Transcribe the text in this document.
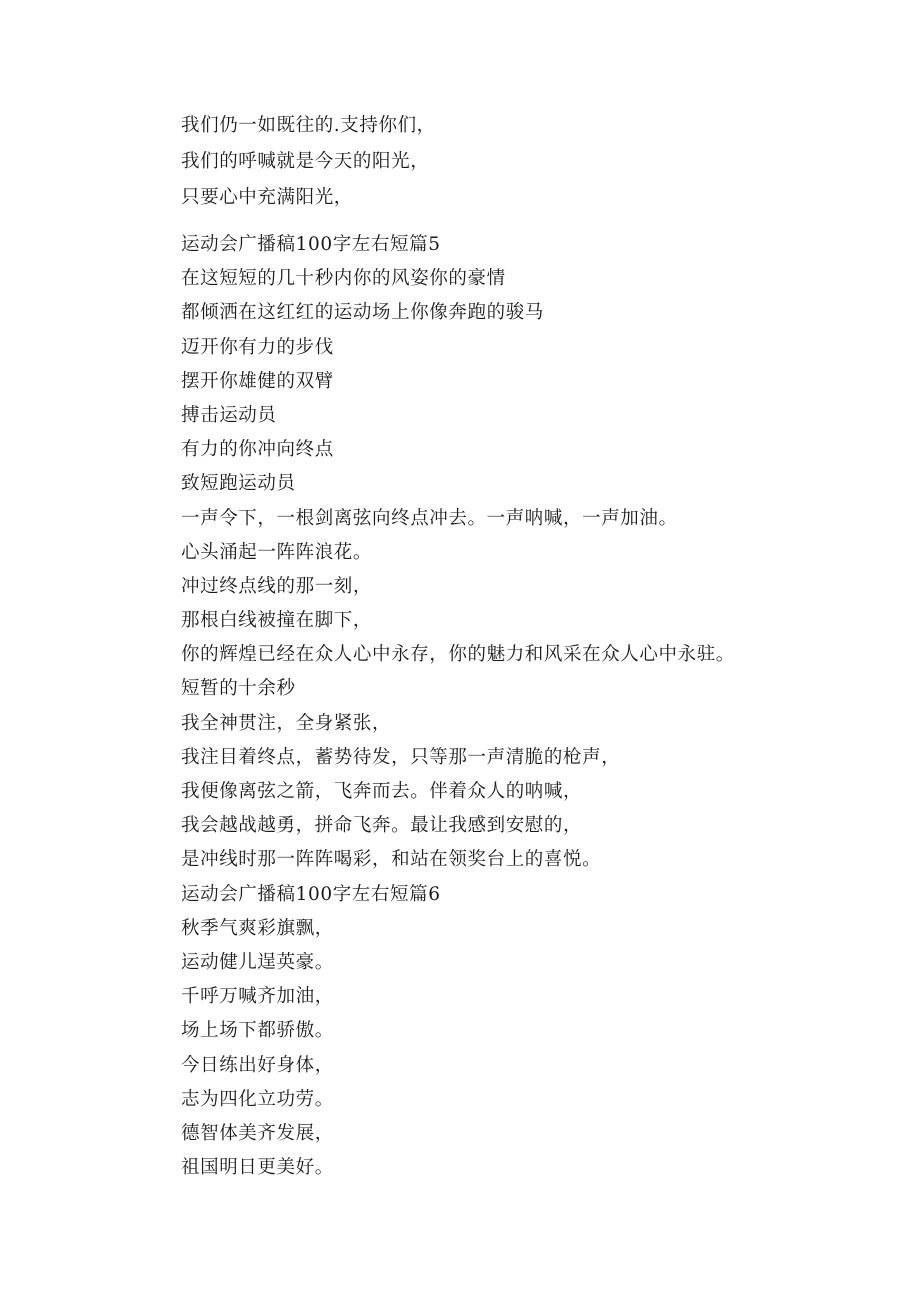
我们仍一如既往的.支持你们，
我们的呼喊就是今天的阳光，
只要心中充满阳光，
运动会广播稿100字左右短篇5
在这短短的几十秒内你的风姿你的豪情
都倾洒在这红红的运动场上你像奔跑的骏马
迈开你有力的步伐
摆开你雄健的双臂
搏击运动员
有力的你冲向终点
致短跑运动员
一声令下，一根剑离弦向终点冲去。一声呐喊，一声加油。
心头涌起一阵阵浪花。
冲过终点线的那一刻，
那根白线被撞在脚下，
你的辉煌已经在众人心中永存，你的魅力和风采在众人心中永驻。
短暂的十余秒
我全神贯注，全身紧张，
我注目着终点，蓄势待发，只等那一声清脆的枪声，
我便像离弦之箭，飞奔而去。伴着众人的呐喊，
我会越战越勇，拼命飞奔。最让我感到安慰的，
是冲线时那一阵阵喝彩，和站在领奖台上的喜悦。
运动会广播稿100字左右短篇6
秋季气爽彩旗飘，
运动健儿逞英豪。
千呼万喊齐加油，
场上场下都骄傲。
今日练出好身体，
志为四化立功劳。
德智体美齐发展，
祖国明日更美好。
